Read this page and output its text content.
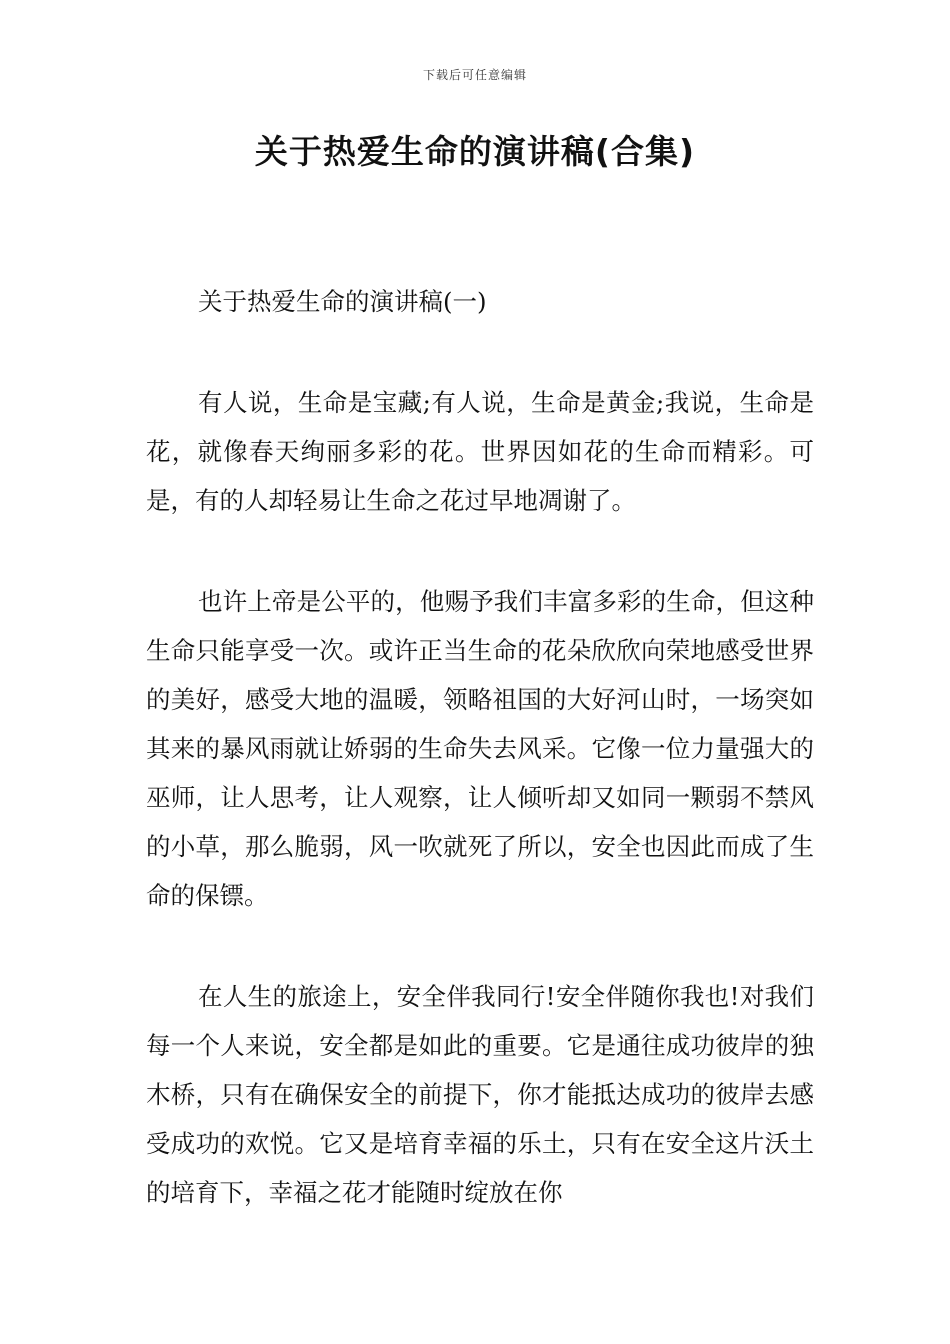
下载后可任意编辑
关于热爱生命的演讲稿(合集)
关于热爱生命的演讲稿(一)

有人说，生命是宝藏;有人说，生命是黄金;我说，生命是花，就像春天绚丽多彩的花。世界因如花的生命而精彩。可是，有的人却轻易让生命之花过早地凋谢了。

也许上帝是公平的，他赐予我们丰富多彩的生命，但这种生命只能享受一次。或许正当生命的花朵欣欣向荣地感受世界的美好，感受大地的温暖，领略祖国的大好河山时，一场突如其来的暴风雨就让娇弱的生命失去风采。它像一位力量强大的巫师，让人思考，让人观察，让人倾听却又如同一颗弱不禁风的小草，那么脆弱，风一吹就死了所以，安全也因此而成了生命的保镖。

在人生的旅途上，安全伴我同行!安全伴随你我也!对我们每一个人来说，安全都是如此的重要。它是通往成功彼岸的独木桥，只有在确保安全的前提下，你才能抵达成功的彼岸去感受成功的欢悦。它又是培育幸福的乐土，只有在安全这片沃土的培育下，幸福之花才能随时绽放在你
